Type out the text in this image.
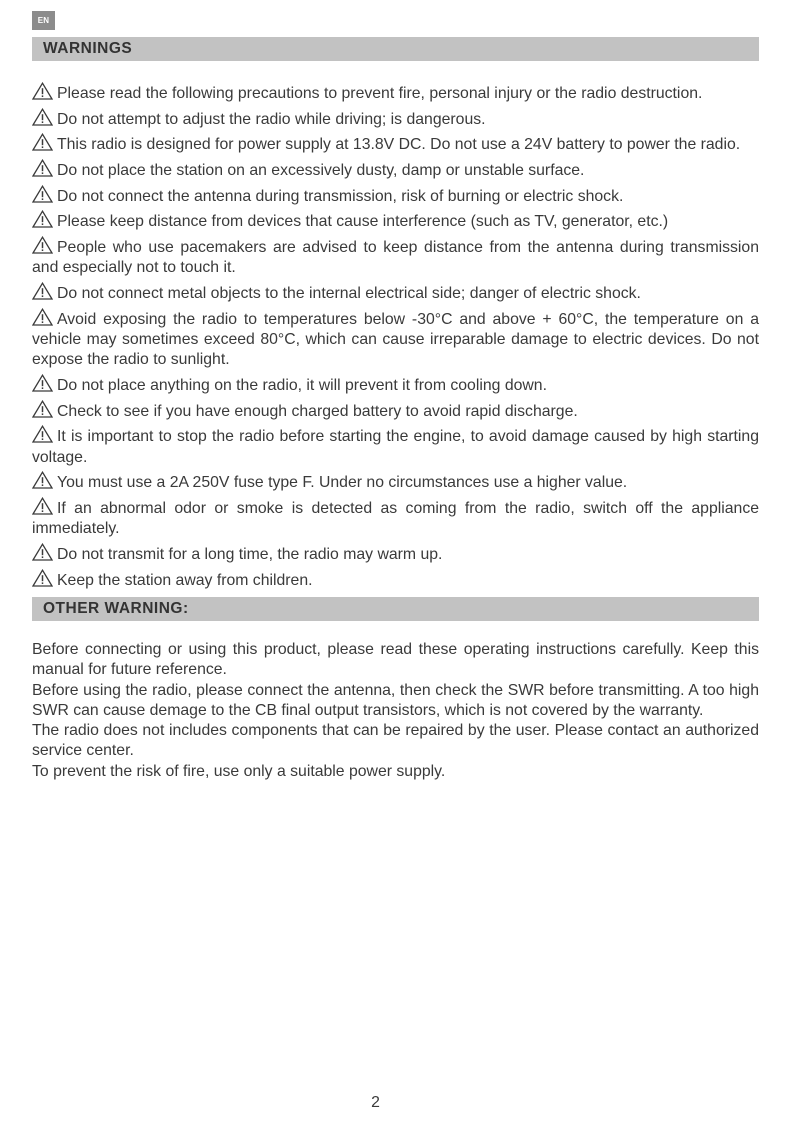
EN
WARNINGS
Please read the following precautions to prevent fire, personal injury or the radio destruction.
Do not attempt to adjust the radio while driving; is dangerous.
This radio is designed for power supply at 13.8V DC. Do not use a 24V battery to power the radio.
Do not place the station on an excessively dusty, damp or unstable surface.
Do not connect the antenna during transmission, risk of burning or electric shock.
Please keep distance from devices that cause interference (such as TV, generator, etc.)
People who use pacemakers are advised to keep distance from the antenna during transmission and especially not to touch it.
Do not connect metal objects to the internal electrical side; danger of electric shock.
Avoid exposing the radio to temperatures below -30°C and above + 60°C, the temperature on a vehicle may sometimes exceed 80°C, which can cause irreparable damage to electric devices. Do not expose the radio to sunlight.
Do not place anything on the radio, it will prevent it from cooling down.
Check to see if you have enough charged battery to avoid rapid discharge.
It is important to stop the radio before starting the engine, to avoid damage caused by high starting voltage.
You must use a 2A 250V fuse type F. Under no circumstances use a higher value.
If an abnormal odor or smoke is detected as coming from the radio, switch off the appliance immediately.
Do not transmit for a long time, the radio may warm up.
Keep the station away from children.
OTHER WARNING:

Before connecting or using this product, please read these operating instructions carefully. Keep this manual for future reference.

Before using the radio, please connect the antenna, then check the SWR before transmitting. A too high SWR can cause demage to the CB final output transistors, which is not covered by the warranty.

The radio does not includes components that can be repaired by the user. Please contact an authorized service center.

To prevent the risk of fire, use only a suitable power supply.

2
